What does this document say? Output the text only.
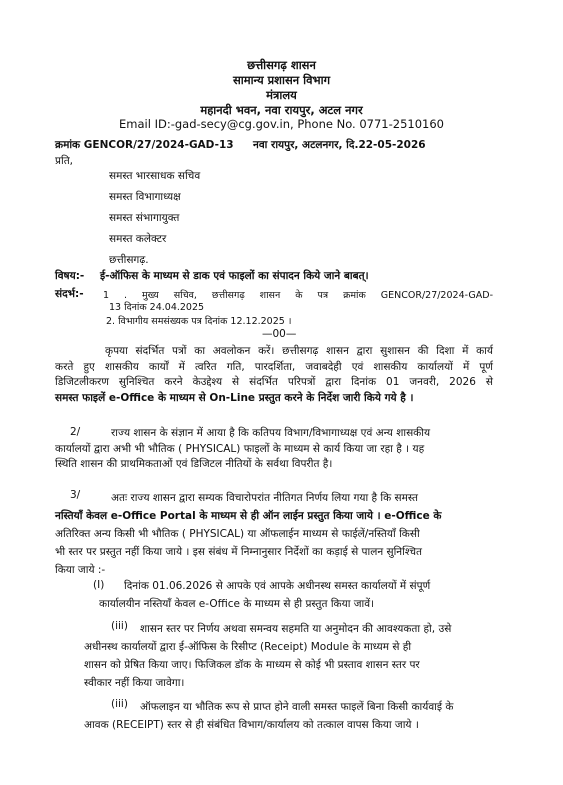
छत्तीसगढ़ शासन
सामान्य प्रशासन विभाग
मंत्रालय
महानदी भवन, नवा रायपुर, अटल नगर
Email ID:-gad-secy@cg.gov.in, Phone No. 0771-2510160
क्रमांक GENCOR/27/2024-GAD-13 नवा रायपुर, अटलनगर, दि.22-05-2026
प्रति,
समस्त भारसाधक सचिव
समस्त विभागाध्यक्ष
समस्त संभागायुक्त
समस्त कलेक्टर
छत्तीसगढ़.
विषय:- ई-ऑफिस के माध्यम से डाक एवं फाइलों का संपादन किये जाने बाबत्।
संदर्भ:- 1 . मुख्य सचिव, छत्तीसगढ़ शासन के पत्र क्रमांक GENCOR/27/2024-GAD-
13 दिनांक 24.04.2025
2. विभागीय समसंख्यक पत्र दिनांक 12.12.2025 ।
—00—
कृपया संदर्भित पत्रों का अवलोकन करें। छत्तीसगढ़ शासन द्वारा सुशासन की दिशा में कार्य
करते हुए शासकीय कार्यों में त्वरित गति, पारदर्शिता, जवाबदेही एवं शासकीय कार्यालयों में पूर्ण
डिजिटलीकरण सुनिश्चित करने केउद्देश्य से संदर्भित परिपत्रों द्वारा दिनांक 01 जनवरी, 2026 से
समस्त फाइलें e-Office के माध्यम से On-Line प्रस्तुत करने के निर्देश जारी किये गये है ।
2/	राज्य शासन के संज्ञान में आया है कि कतिपय विभाग/विभागाध्यक्ष एवं अन्य शासकीय
कार्यालयों द्वारा अभी भी भौतिक ( PHYSICAL) फाइलों के माध्यम से कार्य किया जा रहा है । यह
स्थिति शासन की प्राथमिकताओं एवं डिजिटल नीतियों के सर्वथा विपरीत है।
3/	अतः राज्य शासन द्वारा सम्यक विचारोपरांत नीतिगत निर्णय लिया गया है कि समस्त
नस्तियाँ केवल e-Office Portal के माध्यम से ही ऑन लाईन प्रस्तुत किया जाये । e-Office के
अतिरिक्त अन्य किसी भी भौतिक ( PHYSICAL) या ऑफलाईन माध्यम से फाईलें/नस्तियाँ किसी
भी स्तर पर प्रस्तुत नहीं किया जाये । इस संबंध में निम्नानुसार निर्देशों का कड़ाई से पालन सुनिश्चित
किया जाये :-
(I) दिनांक 01.06.2026 से आपके एवं आपके अधीनस्थ समस्त कार्यालयों में संपूर्ण
कार्यालयीन नस्तियाँ केवल e-Office के माध्यम से ही प्रस्तुत किया जावें।
(iii)	शासन स्तर पर निर्णय अथवा समन्वय सहमति या अनुमोदन की आवश्यकता हो, उसे
अधीनस्थ कार्यालयों द्वारा ई-ऑफिस के रिसीप्ट (Receipt) Module के माध्यम से ही
शासन को प्रेषित किया जाए। फिजिकल डॉक के माध्यम से कोई भी प्रस्ताव शासन स्तर पर
स्वीकार नहीं किया जावेगा।
(iii)	ऑफलाइन या भौतिक रूप से प्राप्त होने वाली समस्त फाइलें बिना किसी कार्यवाई के
आवक (RECEIPT) स्तर से ही संबंधित विभाग/कार्यालय को तत्काल वापस किया जाये ।
